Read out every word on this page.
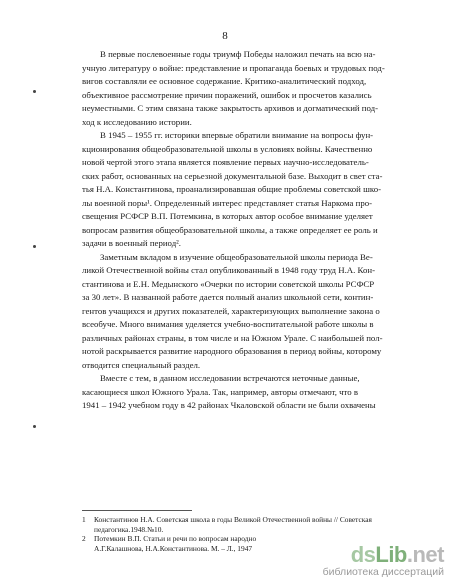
8
В первые послевоенные годы триумф Победы наложил печать на всю на-
учную литературу о войне: представление и пропаганда боевых и трудовых под-
вигов составляли ее основное содержание. Критико-аналитический подход,
объективное рассмотрение причин поражений, ошибок и просчетов казались
неуместными. С этим связана также закрытость архивов и догматический под-
ход к исследованию истории.
В 1945 – 1955 гг. историки впервые обратили внимание на вопросы фун-
кционирования общеобразовательной школы в условиях войны. Качественно
новой чертой этого этапа является появление первых научно-исследователь-
ских работ, основанных на серьезной документальной базе. Выходит в свет ста-
тья Н.А. Константинова, проанализировавшая общие проблемы советской шко-
лы военной поры¹. Определенный интерес представляет статья Наркома про-
свещения РСФСР В.П. Потемкина, в которых автор особое внимание уделяет
вопросам развития общеобразовательной школы, а также определяет ее роль и
задачи в военный период².
Заметным вкладом в изучение общеобразовательной школы периода Ве-
ликой Отечественной войны стал опубликованный в 1948 году труд Н.А. Кон-
стантинова и Е.Н. Медынского «Очерки по истории советской школы РСФСР
за 30 лет». В названной работе дается полный анализ школьной сети, контин-
гентов учащихся и других показателей, характеризующих выполнение закона о
всеобуче. Много внимания уделяется учебно-воспитательной работе школы в
различных районах страны, в том числе и на Южном Урале. С наибольшей пол-
нотой раскрывается развитие народного образования в период войны, которому
отводится специальный раздел.
Вместе с тем, в данном исследовании встречаются неточные данные,
касающиеся школ Южного Урала. Так, например, авторы отмечают, что в
1941 – 1942 учебном году в 42 районах Чкаловской области не были охвачены
1	Константинов Н.А. Советская школа в годы Великой Отечественной войны // Советская
педагогика.1948.№10.
2	Потемкин В.П. Статьи и речи по вопросам народно
А.Г.Калашнова, Н.А.Константинова. М. – Л., 1947	dsLib.net
библиотека диссертаций
